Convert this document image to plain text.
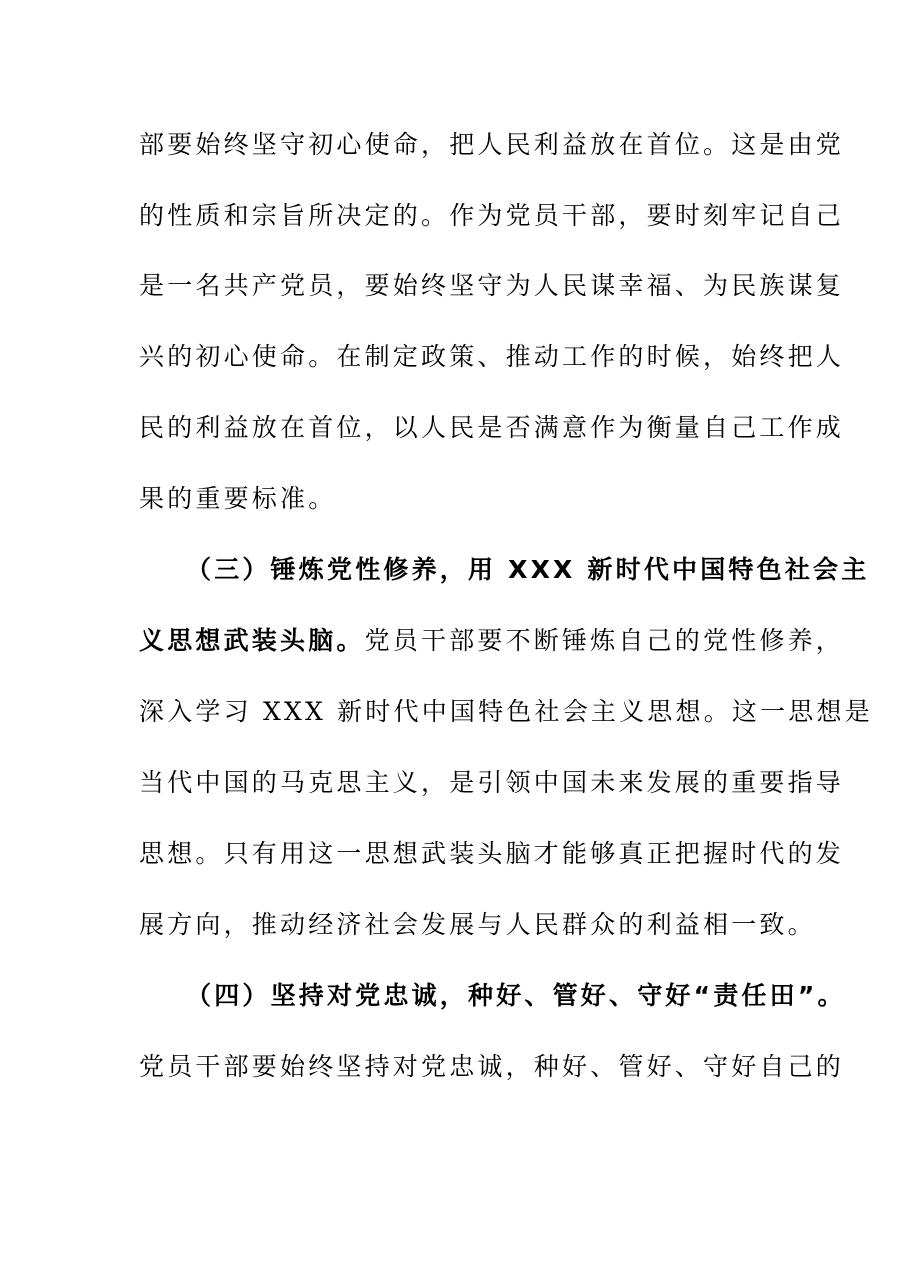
部要始终坚守初心使命，把人民利益放在首位。这是由党
的性质和宗旨所决定的。作为党员干部，要时刻牢记自己
是一名共产党员，要始终坚守为人民谋幸福、为民族谋复
兴的初心使命。在制定政策、推动工作的时候，始终把人
民的利益放在首位，以人民是否满意作为衡量自己工作成
果的重要标准。
（三）锤炼党性修养，用 XXX 新时代中国特色社会主
义思想武装头脑。党员干部要不断锤炼自己的党性修养，
深入学习 XXX 新时代中国特色社会主义思想。这一思想是
当代中国的马克思主义，是引领中国未来发展的重要指导
思想。只有用这一思想武装头脑才能够真正把握时代的发
展方向，推动经济社会发展与人民群众的利益相一致。
（四）坚持对党忠诚，种好、管好、守好“责任田”。
党员干部要始终坚持对党忠诚，种好、管好、守好自己的
